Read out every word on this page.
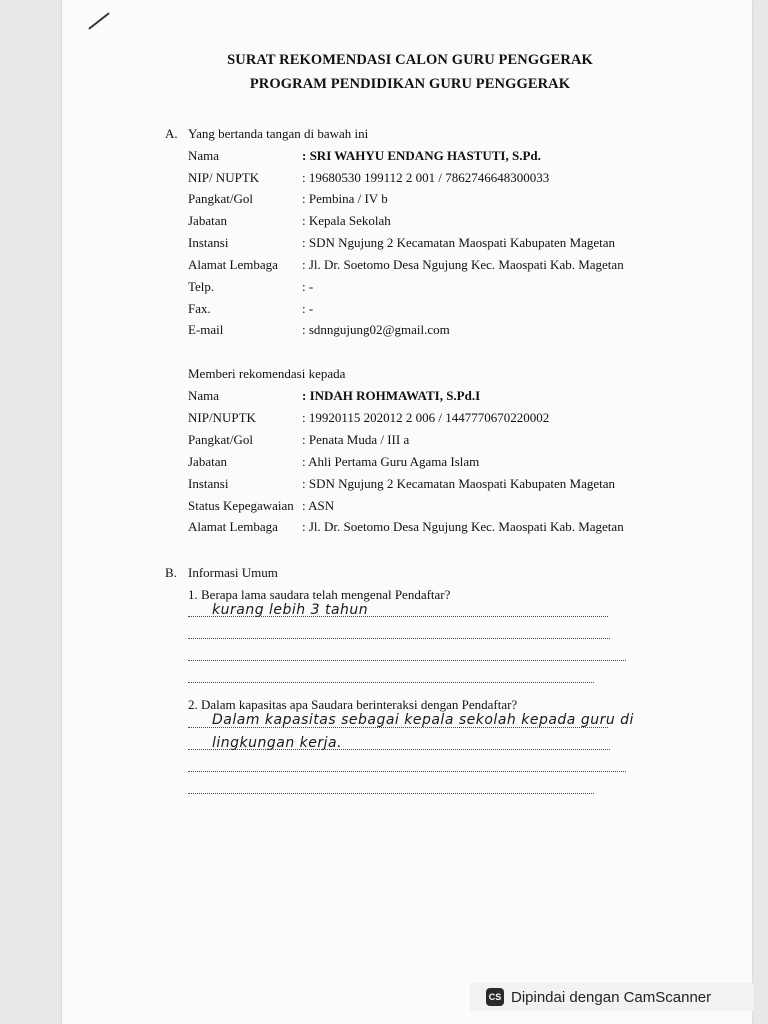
SURAT REKOMENDASI CALON GURU PENGGERAK
PROGRAM PENDIDIKAN GURU PENGGERAK
A. Yang bertanda tangan di bawah ini
Nama	: SRI WAHYU ENDANG HASTUTI, S.Pd.
NIP/ NUPTK	: 19680530 199112 2 001 / 7862746648300033
Pangkat/Gol	: Pembina / IV b
Jabatan	: Kepala Sekolah
Instansi	: SDN Ngujung 2 Kecamatan Maospati Kabupaten Magetan
Alamat Lembaga : Jl. Dr. Soetomo Desa Ngujung Kec. Maospati Kab. Magetan
Telp.	: -
Fax.	: -
E-mail	: sdnngujung02@gmail.com
Memberi rekomendasi kepada
Nama	: INDAH ROHMAWATI, S.Pd.I
NIP/NUPTK	: 19920115 202012 2 006 / 1447770670220002
Pangkat/Gol	: Penata Muda / III a
Jabatan	: Ahli Pertama Guru Agama Islam
Instansi	: SDN Ngujung 2 Kecamatan Maospati Kabupaten Magetan
Status Kepegawaian : ASN
Alamat Lembaga : Jl. Dr. Soetomo Desa Ngujung Kec. Maospati Kab. Magetan
B. Informasi Umum
1. Berapa lama saudara telah mengenal Pendaftar?
kurang lebih 3 tahun
2. Dalam kapasitas apa Saudara berinteraksi dengan Pendaftar?
Dalam kapasitas sebagai kepala sekolah kepada guru di
lingkungan kerja.
CS Dipindai dengan CamScanner
